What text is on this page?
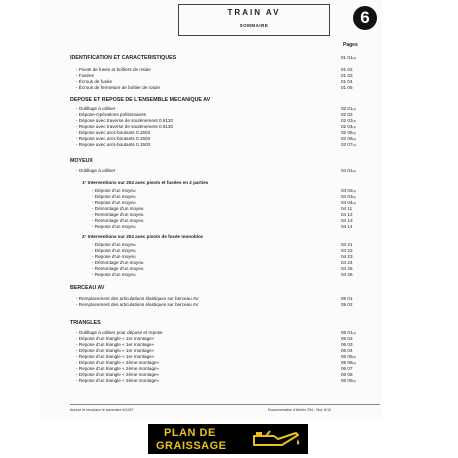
TRAIN AV
SOMMAIRE	6
Pages
IDENTIFICATION ET CARACTERISTIQUES	01 01$^{(1)}$
- Pivots de fusée et boîtiers de rotule	01 02
- Fusées	01 03
- Écrous de fusée	01 04
- Écrous de fermeture de boîtier de rotule	01 05
DEPOSE ET REPOSE DE L'ENSEMBLE MECANIQUE AV
- Outillage à utiliser	02 01$^{(1)}$
- Dépose-Opérations préliminaires	02 02
- Dépose avec traverse de soutènement 0.6130	02 03$^{(1)}$
- Repose avec traverse de soutènement 0.6130	02 04$^{(1)}$
- Dépose avec arcs-boutants 0.1503	02 05$^{(1)}$
- Repose avec arcs-boutants 0.1503	02 06$^{(1)}$
- Repose avec arcs-boutants 0.1503	02 07$^{(1)}$
MOYEUX
- Outillage à utiliser	04 01$^{(2)}$
1° Interventions sur 204 avec pivots et fusées en 2 parties
- Dépose d'un moyeu	04 02$^{(1)}$
- Dépose d'un moyeu	04 03$^{(1)}$
- Repose d'un moyeu	04 04$^{(1)}$
- Démontage d'un moyeu	04 11
- Remontage d'un moyeu	04 12
- Remontage d'un moyeu	04 13
- Repose d'un moyeu	04 14
2° Interventions sur 204 avec pivots de fusée monobloc
- Dépose d'un moyeu	04 21
- Dépose d'un moyeu	04 22
- Repose d'un moyeu	04 23
- Démontage d'un moyeu	04 24
- Remontage d'un moyeu	04 25
- Repose d'un moyeu	04 26
BERCEAU AV
- Remplacement des articulations élastiques sur berceau AV	05 01
- Remplacement des articulations élastiques sur berceau AV	05 02
TRIANGLES
- Outillage à utiliser pour dépose et repose	06 01$^{(1)}$
- Dépose d'un triangle « 1er montage»	06 02
- Repose d'un triangle « 1er montage»	06 03
- Dépose d'un triangle « 1er montage»	06 04
- Repose d'un triangle « 1er montage»	06 05$^{(1)}$
- Dépose d'un triangle « 2ème montage»	06 06$^{(1)}$
- Repose d'un triangle « 2ème montage»	06 07
- Dépose d'un triangle « 2ème montage»	06 08
- Repose d'un triangle « 2ème montage»	06 09$^{(1)}$
Annule et remplace le sommaire 6/1267	Documentation d'Atelier 204 - Mot. 8/12
PLAN DE
GRAISSAGE
